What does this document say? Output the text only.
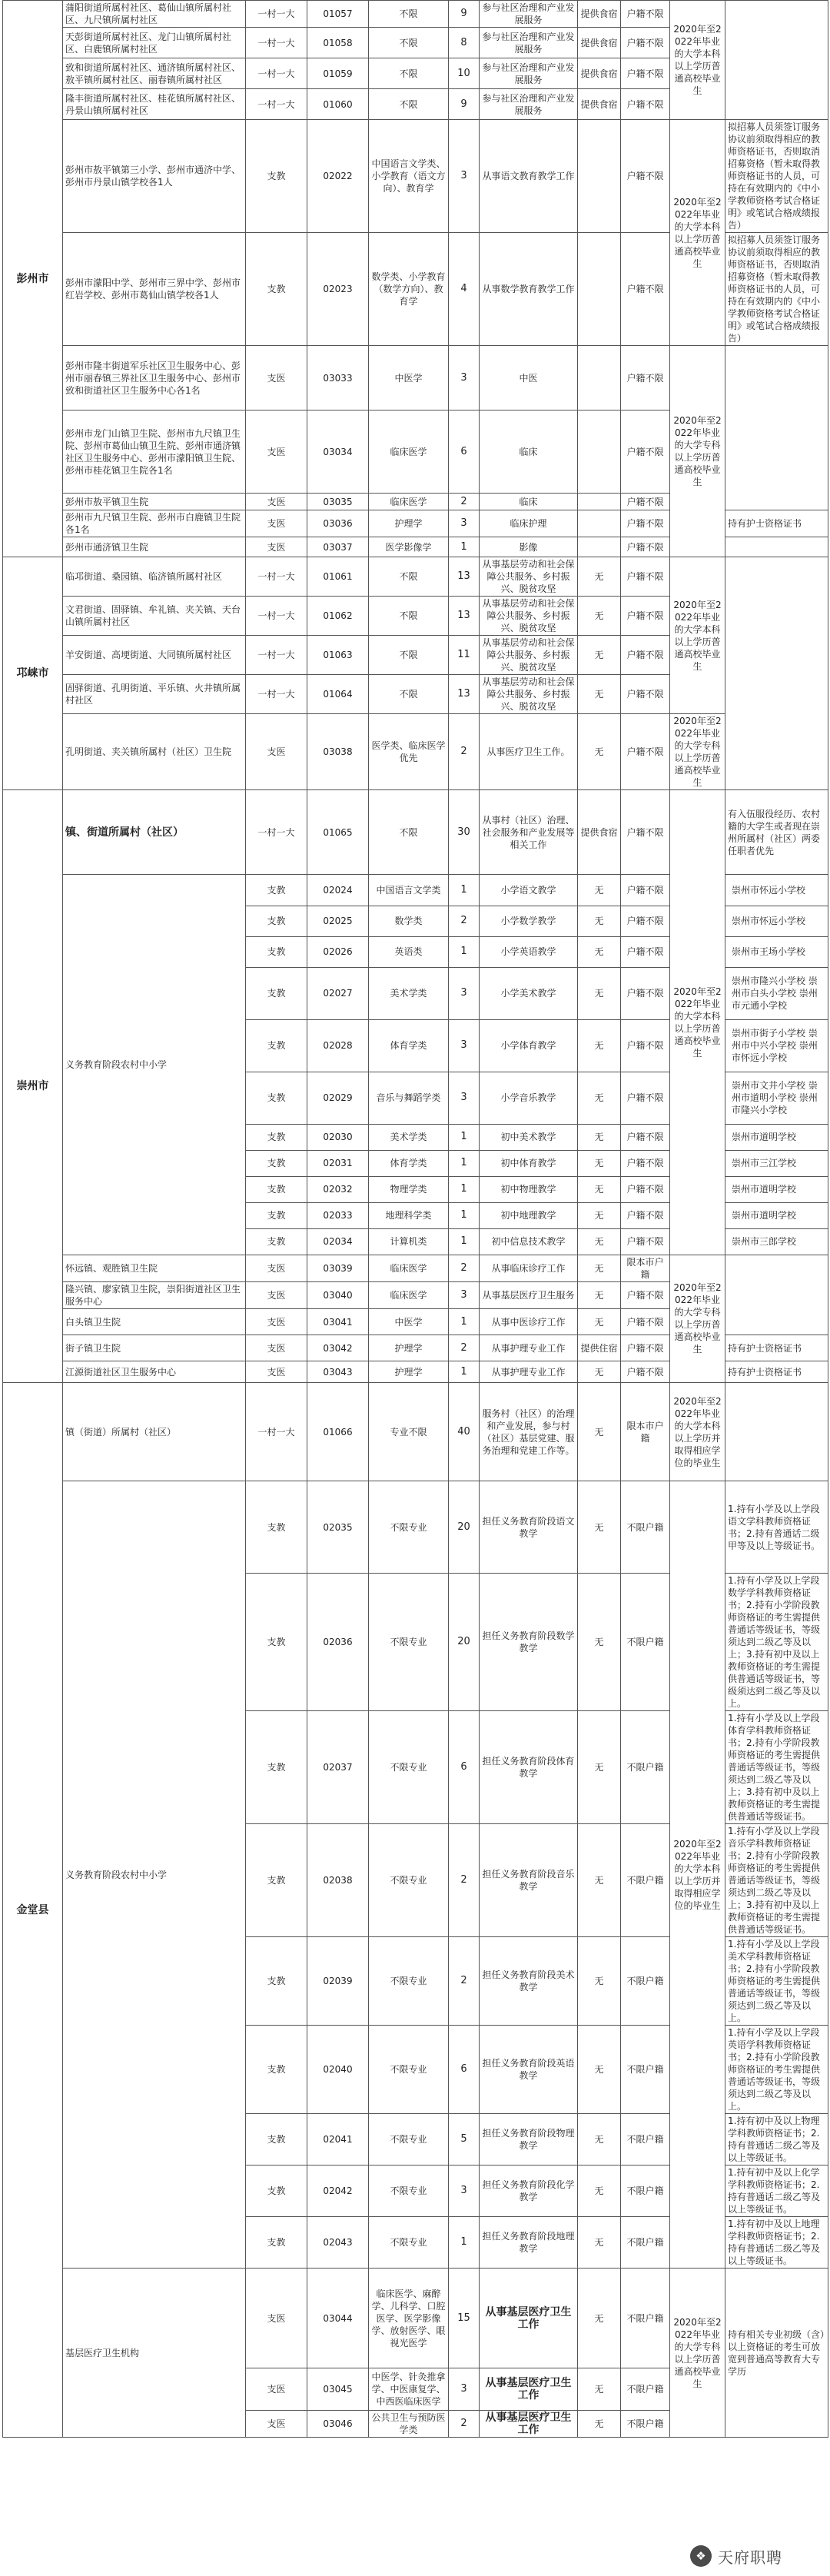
彭州市	蒲阳街道所属村社区、葛仙山镇所属村社区、九尺镇所属村社区	一村一大	01057	不限	9	参与社区治理和产业发展服务	提供食宿	户籍不限	2020年至2022年毕业的大学本科以上学历普通高校毕业生	
	天彭街道所属村社区、龙门山镇所属村社区、白鹿镇所属村社区	一村一大	01058	不限	8	参与社区治理和产业发展服务	提供食宿	户籍不限		
	致和街道所属村社区、通济镇所属村社区、敖平镇所属村社区、丽春镇所属村社区	一村一大	01059	不限	10	参与社区治理和产业发展服务	提供食宿	户籍不限		
	隆丰街道所属村社区、桂花镇所属村社区、丹景山镇所属村社区	一村一大	01060	不限	9	参与社区治理和产业发展服务	提供食宿	户籍不限		
	彭州市敖平镇第三小学、彭州市通济中学、彭州市丹景山镇学校各1人	支教	02022	中国语言文学类、小学教育（语文方向）、教育学	3	从事语文教育教学工作		户籍不限	2020年至2022年毕业的大学本科以上学历普通高校毕业生	拟招募人员须签订服务协议前须取得相应的教师资格证书，否则取消招募资格（暂未取得教师资格证书的人员，可持在有效期内的《中小学教师资格考试合格证明》或笔试合格成绩报告）
	彭州市濛阳中学、彭州市三界中学、彭州市红岩学校、彭州市葛仙山镇学校各1人	支教	02023	数学类、小学教育（数学方向）、教育学	4	从事数学教育教学工作		户籍不限		拟招募人员须签订服务协议前须取得相应的教师资格证书，否则取消招募资格（暂未取得教师资格证书的人员，可持在有效期内的《中小学教师资格考试合格证明》或笔试合格成绩报告）
	彭州市隆丰街道军乐社区卫生服务中心、彭州市丽春镇三界社区卫生服务中心、彭州市致和街道社区卫生服务中心各1名	支医	03033	中医学	3	中医		户籍不限	2020年至2022年毕业的大学专科以上学历普通高校毕业生	
	彭州市龙门山镇卫生院、彭州市九尺镇卫生院、彭州市葛仙山镇卫生院、彭州市通济镇社区卫生服务中心、彭州市濛阳镇卫生院、彭州市桂花镇卫生院各1名	支医	03034	临床医学	6	临床		户籍不限		
	彭州市敖平镇卫生院	支医	03035	临床医学	2	临床		户籍不限		
	彭州市九尺镇卫生院、彭州市白鹿镇卫生院各1名	支医	03036	护理学	3	临床护理		户籍不限		持有护士资格证书
	彭州市通济镇卫生院	支医	03037	医学影像学	1	影像		户籍不限		
邛崃市	临邛街道、桑园镇、临济镇所属村社区	一村一大	01061	不限	13	从事基层劳动和社会保障公共服务、乡村振兴、脱贫攻坚	无	户籍不限	2020年至2022年毕业的大学本科以上学历普通高校毕业生	
	文君街道、固驿镇、牟礼镇、夹关镇、天台山镇所属村社区	一村一大	01062	不限	13	从事基层劳动和社会保障公共服务、乡村振兴、脱贫攻坚	无	户籍不限		
	羊安街道、高埂街道、大同镇所属村社区	一村一大	01063	不限	11	从事基层劳动和社会保障公共服务、乡村振兴、脱贫攻坚	无	户籍不限		
	固驿街道、孔明街道、平乐镇、火井镇所属村社区	一村一大	01064	不限	13	从事基层劳动和社会保障公共服务、乡村振兴、脱贫攻坚	无	户籍不限		
	孔明街道、夹关镇所属村（社区）卫生院	支医	03038	医学类、临床医学优先	2	从事医疗卫生工作。	无	户籍不限	2020年至2022年毕业的大学专科以上学历普通高校毕业生	
崇州市	镇、街道所属村（社区）	一村一大	01065	不限	30	从事村（社区）治理、社会服务和产业发展等相关工作	提供食宿	户籍不限	2020年至2022年毕业的大学本科以上学历普通高校毕业生	有入伍服役经历、农村籍的大学生或者现在崇州所属村（社区）两委任职者优先
	义务教育阶段农村中小学	支教	02024	中国语言文学类	1	小学语文教学	无	户籍不限		崇州市怀远小学校
		支教	02025	数学类	2	小学数学教学	无	户籍不限		崇州市怀远小学校
		支教	02026	英语类	1	小学英语教学	无	户籍不限		崇州市王场小学校
		支教	02027	美术学类	3	小学美术教学	无	户籍不限		崇州市隆兴小学校 崇州市白头小学校 崇州市元通小学校
		支教	02028	体育学类	3	小学体育教学	无	户籍不限		崇州市街子小学校 崇州市中兴小学校 崇州市怀远小学校
		支教	02029	音乐与舞蹈学类	3	小学音乐教学	无	户籍不限		崇州市文井小学校 崇州市道明小学校 崇州市隆兴小学校
		支教	02030	美术学类	1	初中美术教学	无	户籍不限		崇州市道明学校
		支教	02031	体育学类	1	初中体育教学	无	户籍不限		崇州市三江学校
		支教	02032	物理学类	1	初中物理教学	无	户籍不限		崇州市道明学校
		支教	02033	地理科学类	1	初中地理教学	无	户籍不限		崇州市道明学校
		支教	02034	计算机类	1	初中信息技术教学	无	户籍不限		崇州市三郎学校
	怀远镇、观胜镇卫生院	支医	03039	临床医学	2	从事临床诊疗工作	无	限本市户籍	2020年至2022年毕业的大学专科以上学历普通高校毕业生	
	隆兴镇、廖家镇卫生院，崇阳街道社区卫生服务中心	支医	03040	临床医学	3	从事基层医疗卫生服务	无	户籍不限		
	白头镇卫生院	支医	03041	中医学	1	从事中医诊疗工作	无	户籍不限		
	街子镇卫生院	支医	03042	护理学	2	从事护理专业工作	提供住宿	户籍不限		持有护士资格证书
	江源街道社区卫生服务中心	支医	03043	护理学	1	从事护理专业工作	无	户籍不限		持有护士资格证书
金堂县	镇（街道）所属村（社区）	一村一大	01066	专业不限	40	服务村（社区）的治理和产业发展，参与村（社区）基层党建、服务治理和党建工作等。	无	限本市户籍	2020年至2022年毕业的大学本科以上学历并取得相应学位的毕业生	
	义务教育阶段农村中小学	支教	02035	不限专业	20	担任义务教育阶段语文教学	无	不限户籍	2020年至2022年毕业的大学本科以上学历并取得相应学位的毕业生	1.持有小学及以上学段语文学科教师资格证书；2.持有普通话二级甲等及以上等级证书。
		支教	02036	不限专业	20	担任义务教育阶段数学教学	无	不限户籍		1.持有小学及以上学段数学学科教师资格证书；2.持有小学阶段教师资格证的考生需提供普通话等级证书，等级须达到二级乙等及以上；3.持有初中及以上教师资格证的考生需提供普通话等级证书，等级须达到二级乙等及以上。
		支教	02037	不限专业	6	担任义务教育阶段体育教学	无	不限户籍		1.持有小学及以上学段体育学科教师资格证书；2.持有小学阶段教师资格证的考生需提供普通话等级证书，等级须达到二级乙等及以上；3.持有初中及以上教师资格证的考生需提供普通话等级证书。
		支教	02038	不限专业	2	担任义务教育阶段音乐教学	无	不限户籍		1.持有小学及以上学段音乐学科教师资格证书；2.持有小学阶段教师资格证的考生需提供普通话等级证书，等级须达到二级乙等及以上；3.持有初中及以上教师资格证的考生需提供普通话等级证书。
		支教	02039	不限专业	2	担任义务教育阶段美术教学	无	不限户籍		1.持有小学及以上学段美术学科教师资格证书；2.持有小学阶段教师资格证的考生需提供普通话等级证书，等级须达到二级乙等及以上。
		支教	02040	不限专业	6	担任义务教育阶段英语教学	无	不限户籍		1.持有小学及以上学段英语学科教师资格证书；2.持有小学阶段教师资格证的考生需提供普通话等级证书，等级须达到二级乙等及以上。
		支教	02041	不限专业	5	担任义务教育阶段物理教学	无	不限户籍		1.持有初中及以上物理学科教师资格证书；2.持有普通话二级乙等及以上等级证书。
		支教	02042	不限专业	3	担任义务教育阶段化学教学	无	不限户籍		1.持有初中及以上化学学科教师资格证书；2.持有普通话二级乙等及以上等级证书。
		支教	02043	不限专业	1	担任义务教育阶段地理教学	无	不限户籍		1.持有初中及以上地理学科教师资格证书；2.持有普通话二级乙等及以上等级证书。
	基层医疗卫生机构	支医	03044	临床医学、麻醉学、儿科学、口腔医学、医学影像学、放射医学、眼视光医学	15	从事基层医疗卫生工作	无	不限户籍	2020年至2022年毕业的大学专科以上学历普通高校毕业生	持有相关专业初级（含）以上资格证的考生可放宽到普通高等教育大专学历
		支医	03045	中医学、针灸推拿学、中医康复学、中西医临床医学	3	从事基层医疗卫生工作	无	不限户籍		
		支医	03046	公共卫生与预防医学类	2	从事基层医疗卫生工作	无	不限户籍		
❖ 天府职聘
